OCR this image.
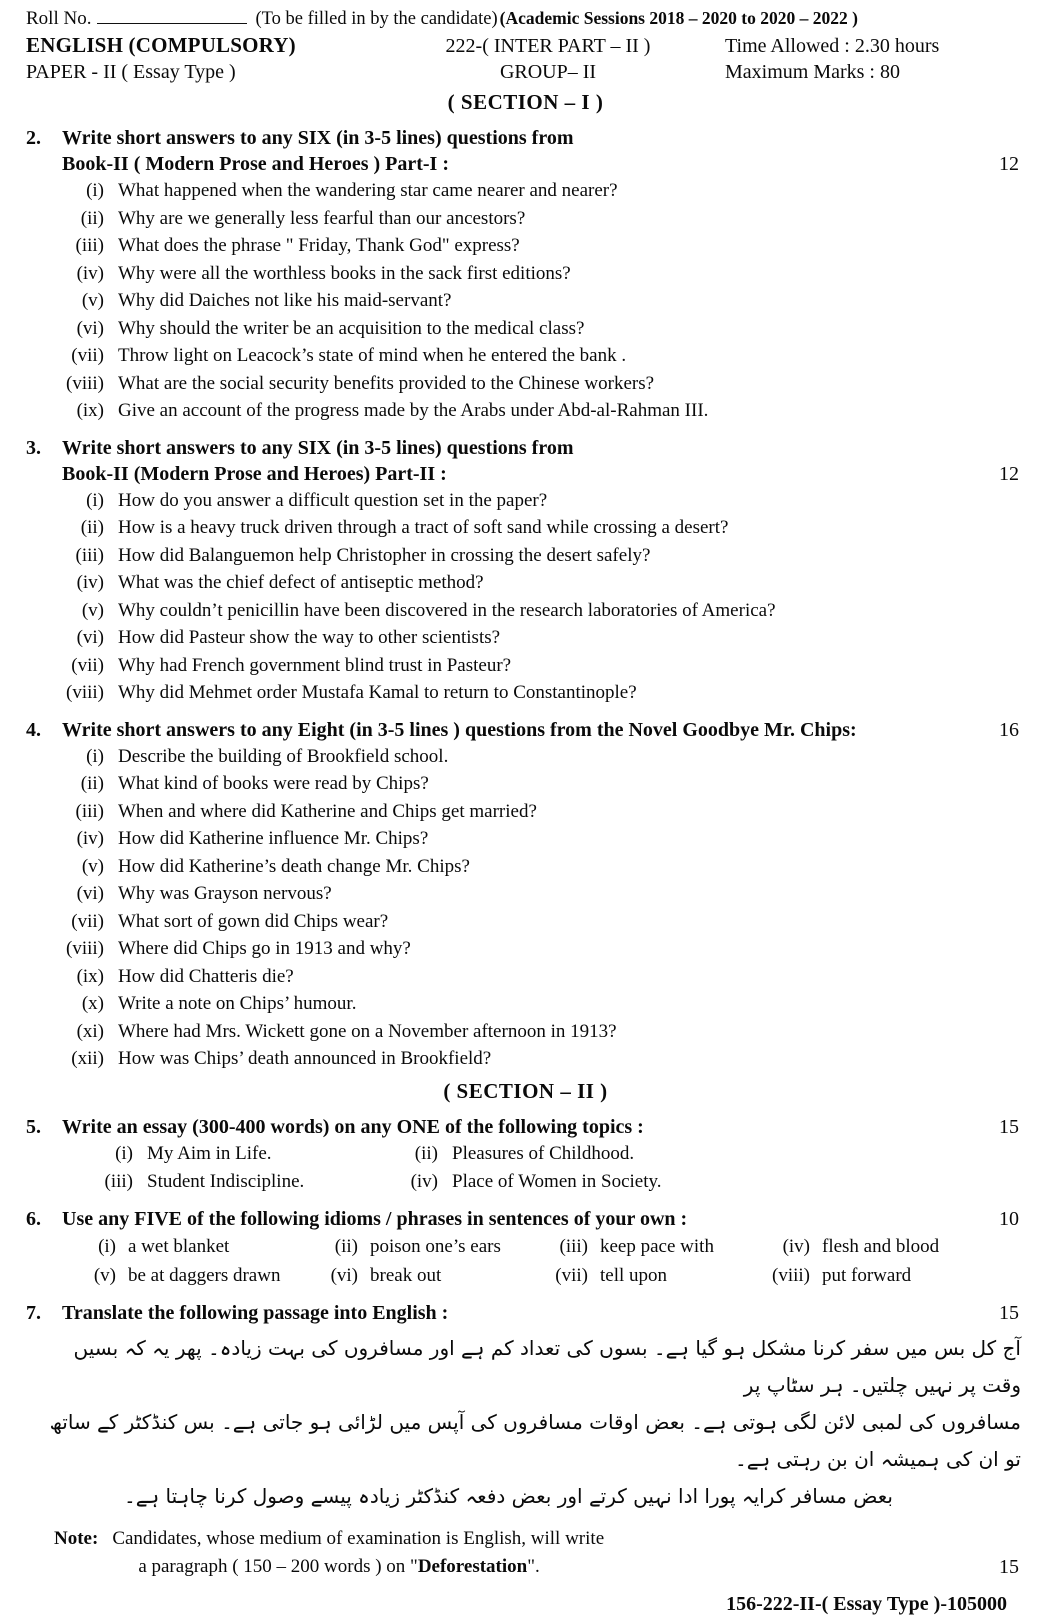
Roll No.	(To be filled in by the candidate) (Academic Sessions 2018 – 2020 to 2020 – 2022 )
ENGLISH (COMPULSORY)	222-( INTER PART – II )	Time Allowed : 2.30 hours
PAPER - II ( Essay Type )	GROUP– II	Maximum Marks : 80
( SECTION – I )
2.	Write short answers to any SIX (in 3-5 lines) questions from
Book-II ( Modern Prose and Heroes ) Part-I :	12
(i) What happened when the wandering star came nearer and nearer?
(ii) Why are we generally less fearful than our ancestors?
(iii) What does the phrase " Friday, Thank God" express?
(iv) Why were all the worthless books in the sack first editions?
(v) Why did Daiches not like his maid-servant?
(vi) Why should the writer be an acquisition to the medical class?
(vii) Throw light on Leacock’s state of mind when he entered the bank .
(viii) What are the social security benefits provided to the Chinese workers?
(ix) Give an account of the progress made by the Arabs under Abd-al-Rahman III.
3.	Write short answers to any SIX (in 3-5 lines) questions from
Book-II (Modern Prose and Heroes) Part-II :	12
(i) How do you answer a difficult question set in the paper?
(ii) How is a heavy truck driven through a tract of soft sand while crossing a desert?
(iii) How did Balanguemon help Christopher in crossing the desert safely?
(iv) What was the chief defect of antiseptic method?
(v) Why couldn’t penicillin have been discovered in the research laboratories of America?
(vi) How did Pasteur show the way to other scientists?
(vii) Why had French government blind trust in Pasteur?
(viii) Why did Mehmet order Mustafa Kamal to return to Constantinople?
4.	Write short answers to any Eight (in 3-5 lines ) questions from the Novel Goodbye Mr. Chips:	16
(i) Describe the building of Brookfield school.
(ii) What kind of books were read by Chips?
(iii) When and where did Katherine and Chips get married?
(iv) How did Katherine influence Mr. Chips?
(v) How did Katherine’s death change Mr. Chips?
(vi) Why was Grayson nervous?
(vii) What sort of gown did Chips wear?
(viii) Where did Chips go in 1913 and why?
(ix) How did Chatteris die?
(x) Write a note on Chips’ humour.
(xi) Where had Mrs. Wickett gone on a November afternoon in 1913?
(xii) How was Chips’ death announced in Brookfield?
( SECTION – II )
5.	Write an essay (300-400 words) on any ONE of the following topics :	15
(i) My Aim in Life.	(ii) Pleasures of Childhood.
(iii) Student Indiscipline.	(iv) Place of Women in Society.
6.	Use any FIVE of the following idioms / phrases in sentences of your own :	10
(i) a wet blanket	(ii) poison one’s ears	(iii) keep pace with	(iv) flesh and blood
(v) be at daggers drawn	(vi) break out	(vii) tell upon	(viii) put forward
7.	Translate the following passage into English :	15
آج کل بس میں سفر کرنا مشکل ہو گیا ہے۔ بسوں کی تعداد کم ہے اور مسافروں کی بہت زیادہ۔ پھر یہ کہ بسیں وقت پر نہیں چلتیں۔ ہر سٹاپ پر
مسافروں کی لمبی لائن لگی ہوتی ہے۔ بعض اوقات مسافروں کی آپس میں لڑائی ہو جاتی ہے۔ بس کنڈکٹر کے ساتھ تو ان کی ہمیشہ ان بن رہتی ہے۔
بعض مسافر کرایہ پورا ادا نہیں کرتے اور بعض دفعہ کنڈکٹر زیادہ پیسے وصول کرنا چاہتا ہے۔
Note: Candidates, whose medium of examination is English, will write
a paragraph ( 150 – 200 words ) on " Deforestation ".	15
156-222-II-( Essay Type )-105000
